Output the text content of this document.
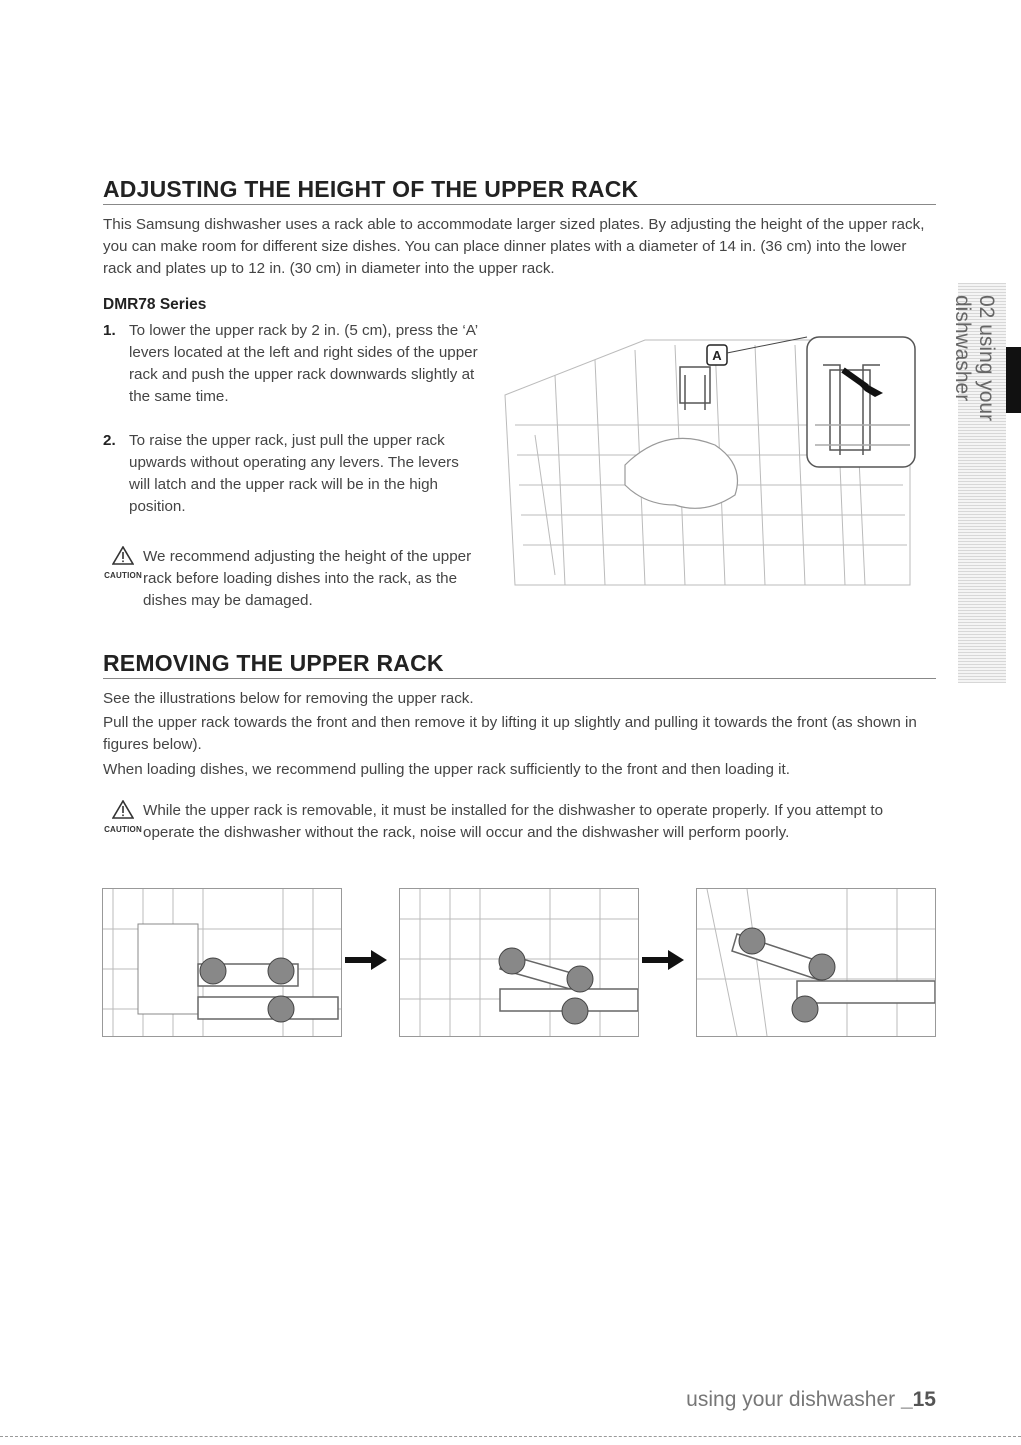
ADJUSTING THE HEIGHT OF THE UPPER RACK

This Samsung dishwasher uses a rack able to accommodate larger sized plates. By adjusting the height of the upper rack, you can make room for different size dishes. You can place dinner plates with a diameter of 14 in. (36 cm) into the lower rack and plates up to 12 in. (30 cm) in diameter into the upper rack.

DMR78 Series
1. To lower the upper rack by 2 in. (5 cm), press the ‘A’ levers located at the left and right sides of the upper rack and push the upper rack downwards slightly at the same time.
2. To raise the upper rack, just pull the upper rack upwards without operating any levers. The levers will latch and the upper rack will be in the high position.
CAUTION
We recommend adjusting the height of the upper rack before loading dishes into the rack, as the dishes may be damaged.
A
REMOVING THE UPPER RACK

See the illustrations below for removing the upper rack.

Pull the upper rack towards the front and then remove it by lifting it up slightly and pulling it towards the front (as shown in figures below).

When loading dishes, we recommend pulling the upper rack sufficiently to the front and then loading it.

CAUTION
While the upper rack is removable, it must be installed for the dishwasher to operate properly. If you attempt to operate the dishwasher without the rack, noise will occur and the dishwasher will perform poorly.
02 using your dishwasher
using your dishwasher _15
